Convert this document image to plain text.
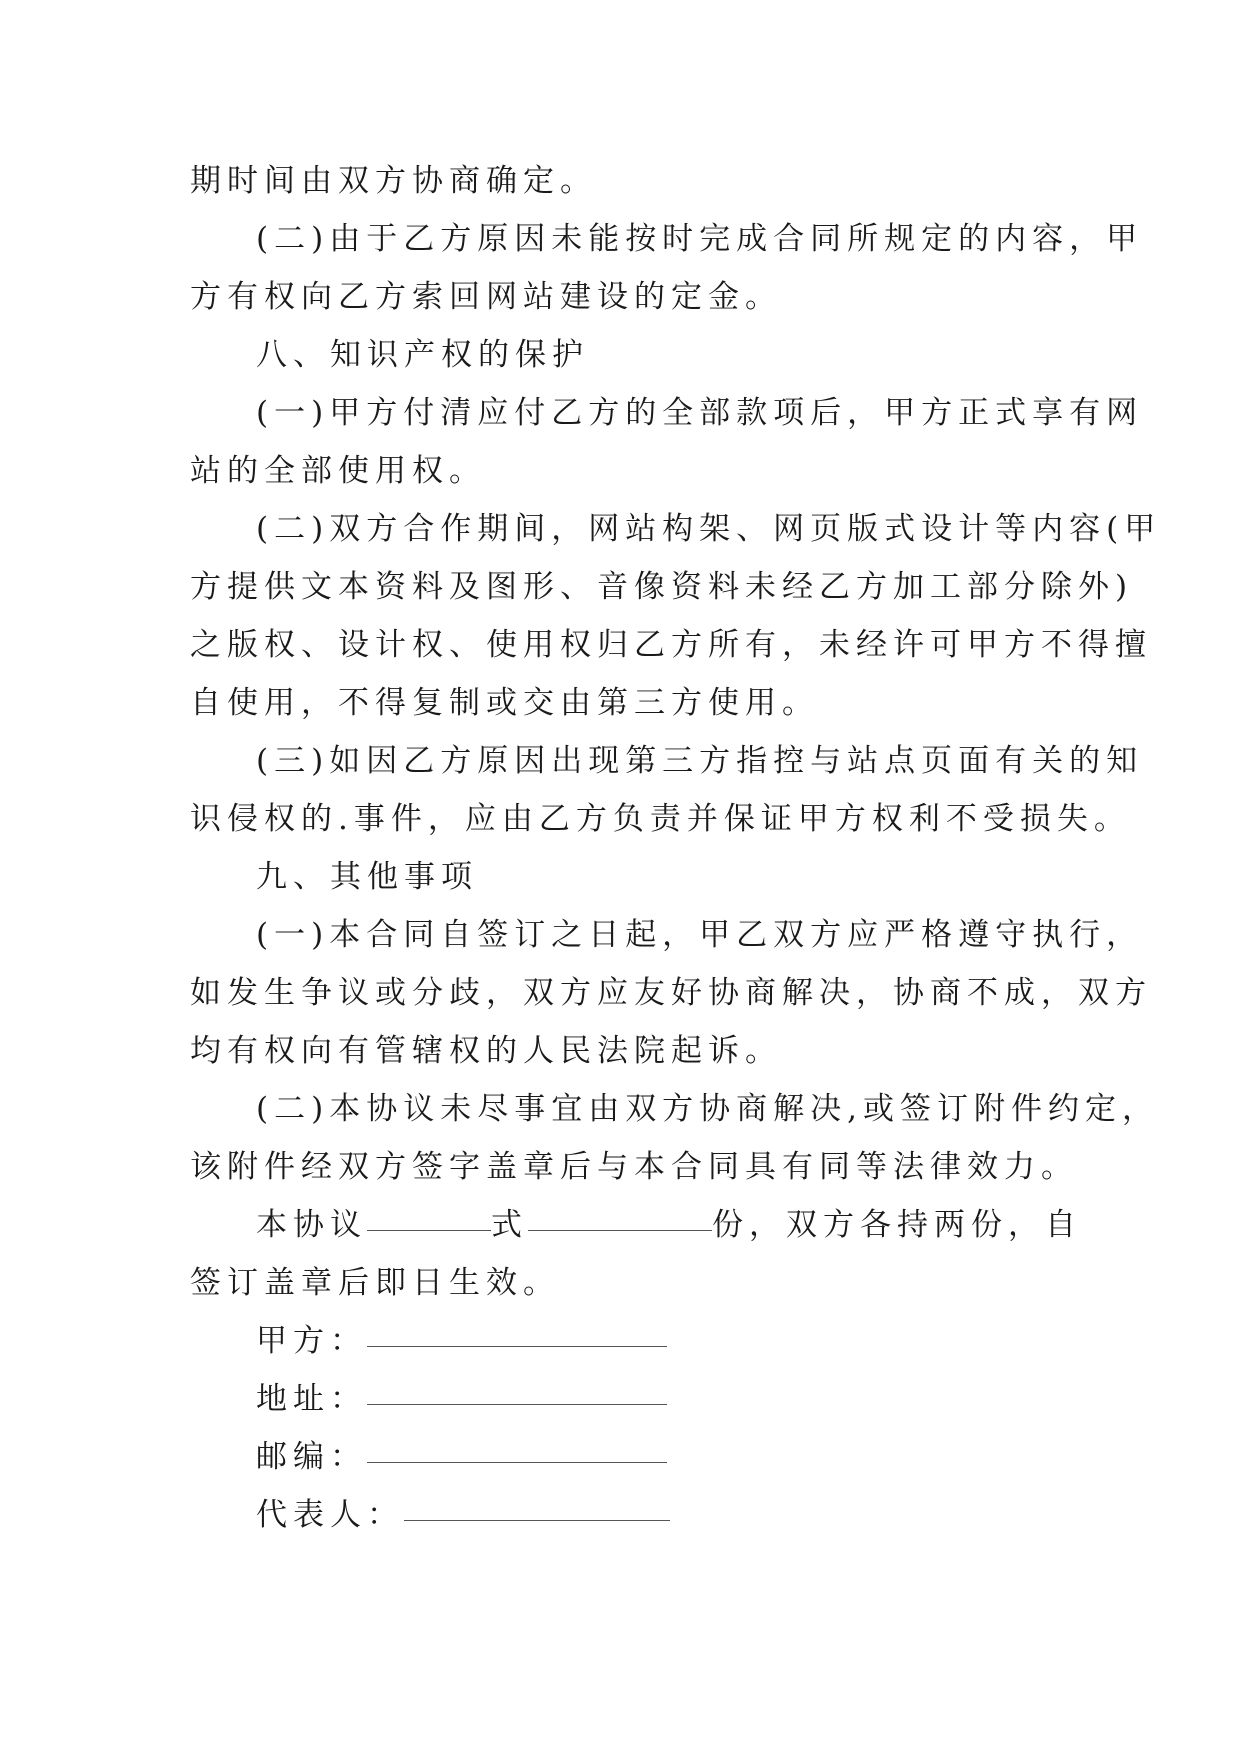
期时间由双方协商确定。
(二)由于乙方原因未能按时完成合同所规定的内容，甲
方有权向乙方索回网站建设的定金。
八、知识产权的保护
(一)甲方付清应付乙方的全部款项后，甲方正式享有网
站的全部使用权。
(二)双方合作期间，网站构架、网页版式设计等内容(甲
方提供文本资料及图形、音像资料未经乙方加工部分除外)
之版权、设计权、使用权归乙方所有，未经许可甲方不得擅
自使用，不得复制或交由第三方使用。
(三)如因乙方原因出现第三方指控与站点页面有关的知
识侵权的.事件，应由乙方负责并保证甲方权利不受损失。
九、其他事项
(一)本合同自签订之日起，甲乙双方应严格遵守执行，
如发生争议或分歧，双方应友好协商解决，协商不成，双方
均有权向有管辖权的人民法院起诉。
(二)本协议未尽事宜由双方协商解决,或签订附件约定，
该附件经双方签字盖章后与本合同具有同等法律效力。
本协议	式	份，双方各持两份，自
签订盖章后即日生效。
甲方：
地址：
邮编：
代表人：
